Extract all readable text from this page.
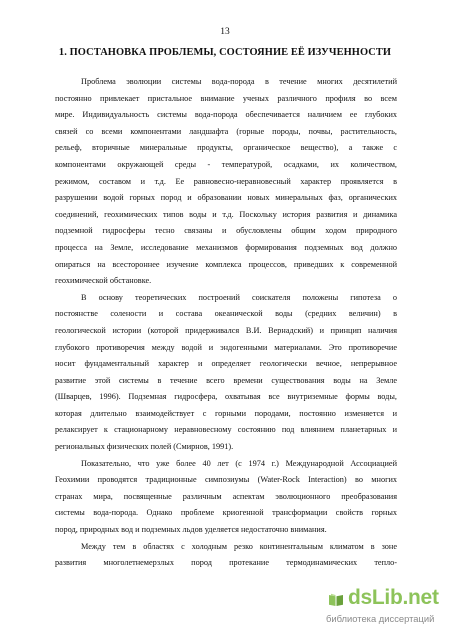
13
1. ПОСТАНОВКА ПРОБЛЕМЫ, СОСТОЯНИЕ ЕЁ ИЗУЧЕННОСТИ
Проблема эволюции системы вода-порода в течение многих десятилетий
постоянно привлекает пристальное внимание ученых различного профиля во всем
мире. Индивидуальность системы вода-порода обеспечивается наличием ее глубоких
связей со всеми компонентами ландшафта (горные породы, почвы, растительность,
рельеф, вторичные минеральные продукты, органическое вещество), а также с
компонентами окружающей среды - температурой, осадками, их количеством,
режимом, составом и т.д. Ее равновесно-неравновесный характер проявляется в
разрушении водой горных пород и образовании новых минеральных фаз, органических
соединений, геохимических типов воды и т.д. Поскольку история развития и динамика
подземной гидросферы тесно связаны и обусловлены общим ходом природного
процесса на Земле, исследование механизмов формирования подземных вод должно
опираться на всестороннее изучение комплекса процессов, приведших к современной
геохимической обстановке.
В основу теоретических построений соискателя положены гипотеза о
постоянстве солености и состава океанической воды (средних величин) в
геологической истории (которой придерживался В.И. Вернадский) и принцип наличия
глубокого противоречия между водой и эндогенными материалами. Это противоречие
носит фундаментальный характер и определяет геологически вечное, непрерывное
развитие этой системы в течение всего времени существования воды на Земле
(Шварцев, 1996). Подземная гидросфера, охватывая все внутриземные формы воды,
которая длительно взаимодействует с горными породами, постоянно изменяется и
релаксирует к стационарному неравновесному состоянию под влиянием планетарных и
региональных физических полей (Смирнов, 1991).
Показательно, что уже более 40 лет (с 1974 г.) Международной Ассоциацией
Геохимии проводятся традиционные симпозиумы (Water-Rock Interaction) во многих
странах мира, посвященные различным аспектам эволюционного преобразования
системы вода-порода. Однако проблеме криогенной трансформации свойств горных
пород, природных вод и подземных льдов уделяется недостаточно внимания.
Между тем в областях с холодным резко континентальным климатом в зоне
развития многолетнемерзлых пород протекание термодинамических тепло-
dsLib.net
библиотека диссертаций
